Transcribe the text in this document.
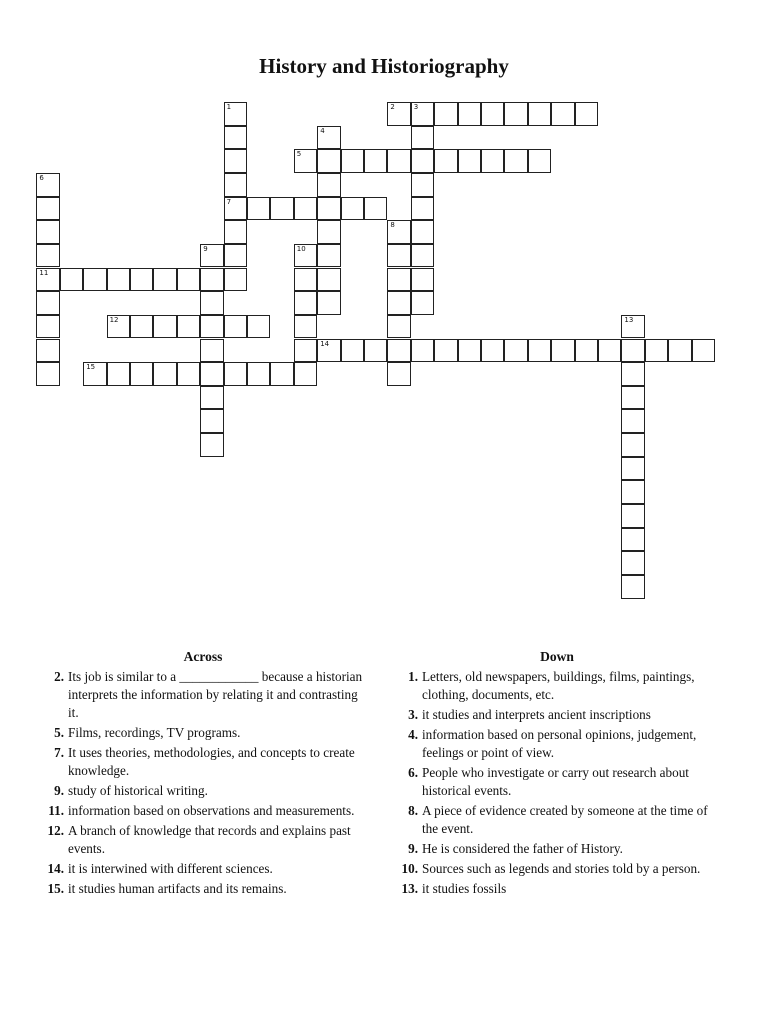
History and Historiography
1
7
2	3
4
5
6
11
8
9	10
12	13
14
15
Across
2. Its job is similar to a ____________ because a historian interprets the information by relating it and contrasting it.
5. Films, recordings, TV programs.
7. It uses theories, methodologies, and concepts to create knowledge.
9. study of historical writing.
11. information based on observations and measurements.
12. A branch of knowledge that records and explains past events.
14. it is interwined with different sciences.
15. it studies human artifacts and its remains.
Down
1. Letters, old newspapers, buildings, films, paintings, clothing, documents, etc.
3. it studies and interprets ancient inscriptions
4. information based on personal opinions, judgement, feelings or point of view.
6. People who investigate or carry out research about historical events.
8. A piece of evidence created by someone at the time of the event.
9. He is considered the father of History.
10. Sources such as legends and stories told by a person.
13. it studies fossils
